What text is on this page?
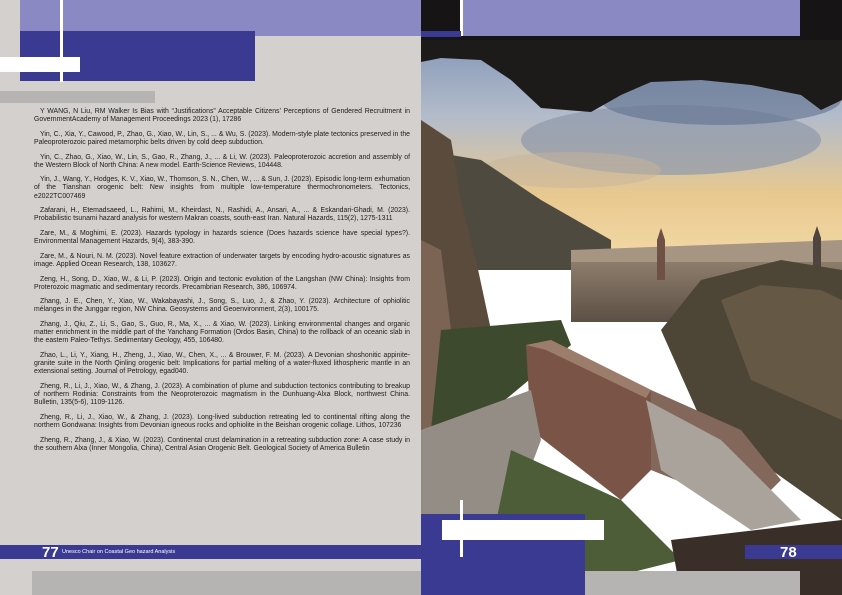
Y WANG, N Liu, RM Walker Is Bias with “Justifications” Acceptable Citizens’ Perceptions of Gendered Recruitment in GovernmentAcademy of Management Proceedings 2023 (1), 17286

Yin, C., Xia, Y., Cawood, P., Zhao, G., Xiao, W., Lin, S., ... & Wu, S. (2023). Modern-style plate tectonics preserved in the Paleoproterozoic paired metamorphic belts driven by cold deep subduction.

Yin, C., Zhao, G., Xiao, W., Lin, S., Gao, R., Zhang, J., ... & Li, W. (2023). Paleoproterozoic accretion and assembly of the Western Block of North China: A new model. Earth-Science Reviews, 104448.

Yin, J., Wang, Y., Hodges, K. V., Xiao, W., Thomson, S. N., Chen, W., ... & Sun, J. (2023). Episodic long-term exhumation of the Tianshan orogenic belt: New insights from multiple low-temperature thermochronometers. Tectonics, e2022TC007469

Zafarani, H., Etemadsaeed, L., Rahimi, M., Kheirdast, N., Rashidi, A., Ansari, A., ... & Eskandari-Ghadi, M. (2023). Probabilistic tsunami hazard analysis for western Makran coasts, south-east Iran. Natural Hazards, 115(2), 1275-1311

Zare, M., & Moghimi, E. (2023). Hazards typology in hazards science (Does hazards science have special types?). Environmental Management Hazards, 9(4), 383-390.

Zare, M., & Nouri, N. M. (2023). Novel feature extraction of underwater targets by encoding hydro-acoustic signatures as image. Applied Ocean Research, 138, 103627.

Zeng, H., Song, D., Xiao, W., & Li, P. (2023). Origin and tectonic evolution of the Langshan (NW China): Insights from Proterozoic magmatic and sedimentary records. Precambrian Research, 386, 106974.

Zhang, J. E., Chen, Y., Xiao, W., Wakabayashi, J., Song, S., Luo, J., & Zhao, Y. (2023). Architecture of ophiolitic mélanges in the Junggar region, NW China. Geosystems and Geoenvironment, 2(3), 100175.

Zhang, J., Qiu, Z., Li, S., Gao, S., Guo, R., Ma, X., ... & Xiao, W. (2023). Linking environmental changes and organic matter enrichment in the middle part of the Yanchang Formation (Ordos Basin, China) to the rollback of an oceanic slab in the eastern Paleo-Tethys. Sedimentary Geology, 455, 106480.

Zhao, L., Li, Y., Xiang, H., Zheng, J., Xiao, W., Chen, X., ... & Brouwer, F. M. (2023). A Devonian shoshonitic appinite-granite suite in the North Qinling orogenic belt: Implications for partial melting of a water-fluxed lithospheric mantle in an extensional setting. Journal of Petrology, egad040.

Zheng, R., Li, J., Xiao, W., & Zhang, J. (2023). A combination of plume and subduction tectonics contributing to breakup of northern Rodinia: Constraints from the Neoproterozoic magmatism in the Dunhuang-Alxa Block, northwest China. Bulletin, 135(5-6), 1109-1126.

Zheng, R., Li, J., Xiao, W., & Zhang, J. (2023). Long-lived subduction retreating led to continental rifting along the northern Gondwana: Insights from Devonian igneous rocks and ophiolite in the Beishan orogenic collage. Lithos, 107236

Zheng, R., Zhang, J., & Xiao, W. (2023). Continental crust delamination in a retreating subduction zone: A case study in the southern Alxa (Inner Mongolia, China), Central Asian Orogenic Belt. Geological Society of America Bulletin

77 Unesco Chair on Coastal Geo hazard Analysis	78
